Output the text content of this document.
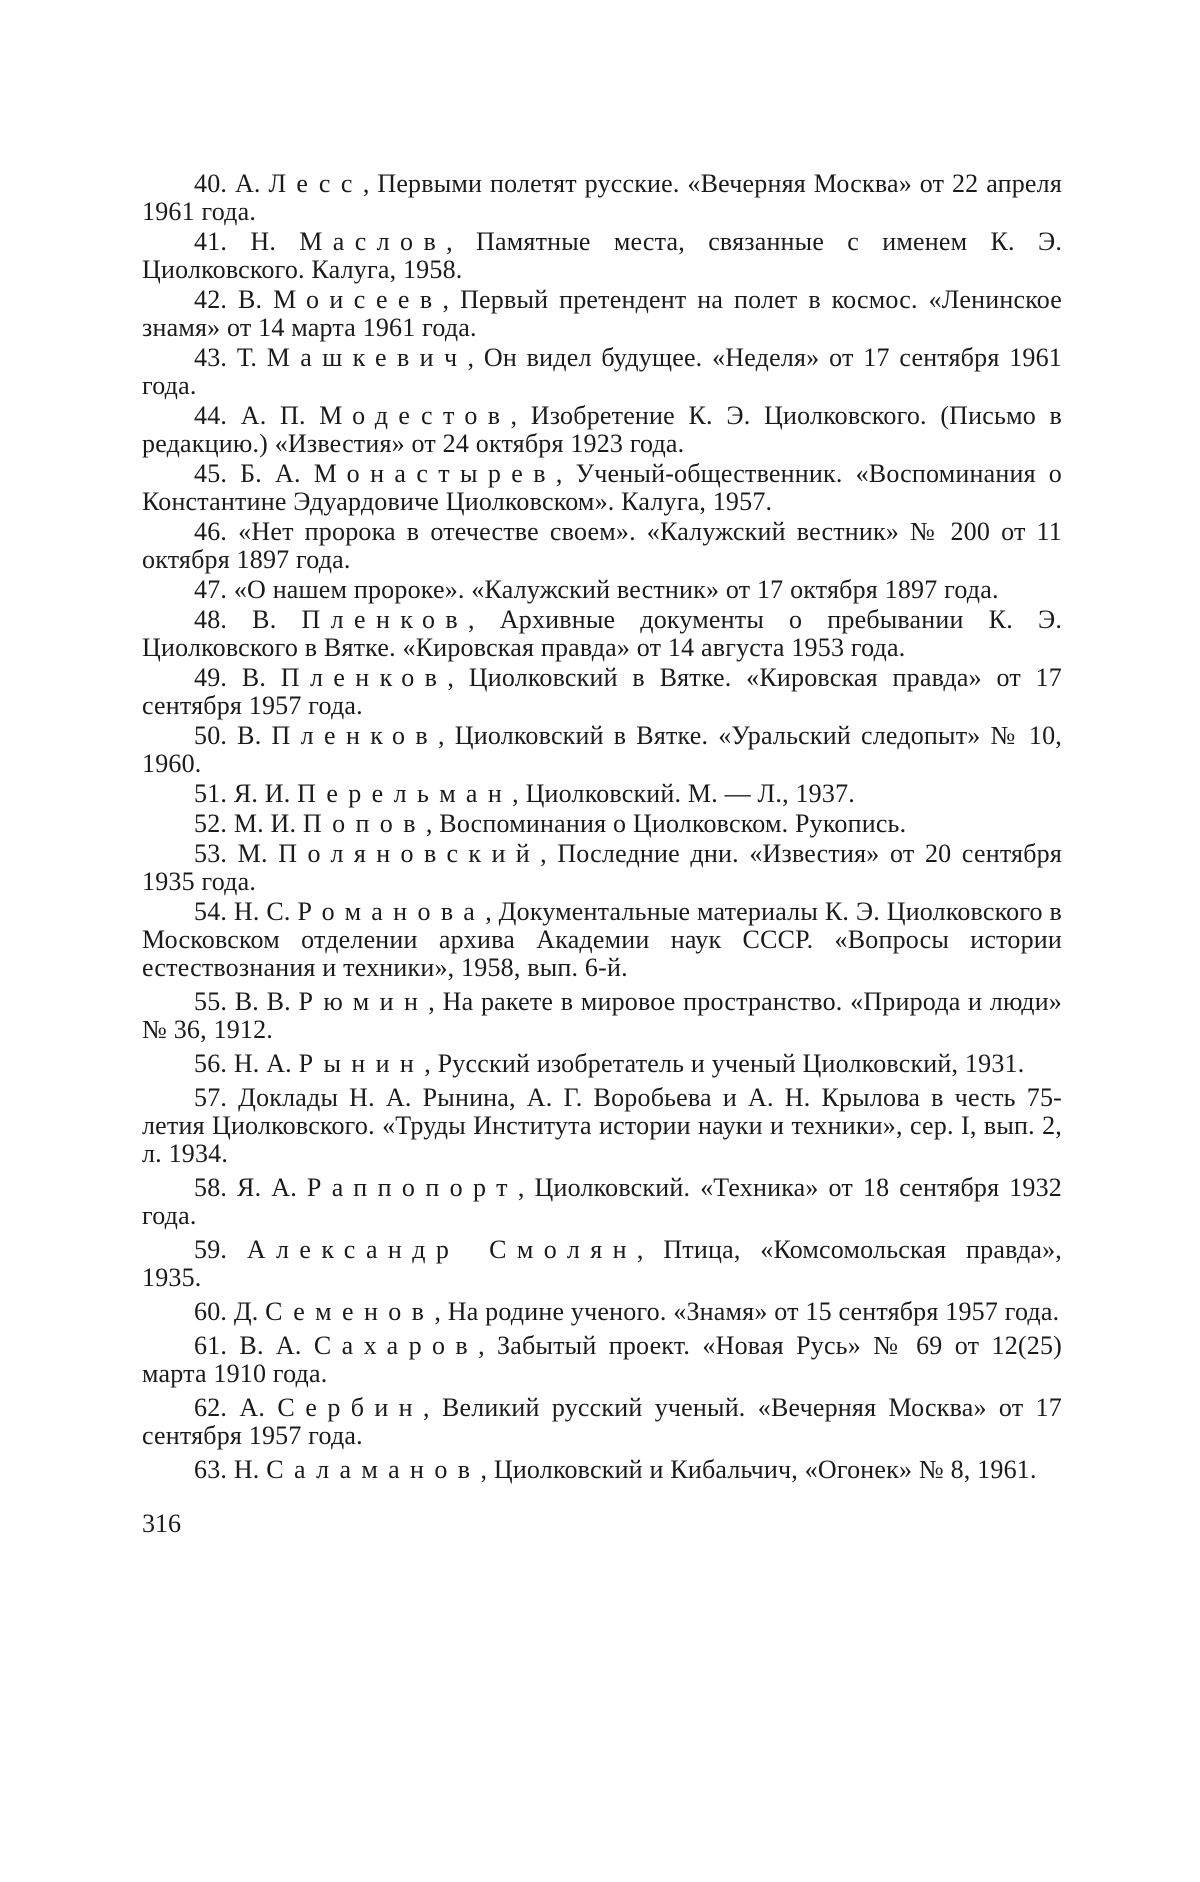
40. А. Лесс, Первыми полетят русские. «Вечерняя Москва» от 22 апреля 1961 года.

41. Н. Маслов, Памятные места, связанные с именем К. Э. Циолковского. Калуга, 1958.

42. В. Моисеев, Первый претендент на полет в космос. «Ленинское знамя» от 14 марта 1961 года.

43. Т. Машкевич, Он видел будущее. «Неделя» от 17 сентября 1961 года.

44. А. П. Модестов, Изобретение К. Э. Циолковского. (Письмо в редакцию.) «Известия» от 24 октября 1923 года.

45. Б. А. Монастырев, Ученый-общественник. «Воспоминания о Константине Эдуардовиче Циолковском». Калуга, 1957.

46. «Нет пророка в отечестве своем». «Калужский вестник» № 200 от 11 октября 1897 года.

47. «О нашем пророке». «Калужский вестник» от 17 октября 1897 года.

48. В. Пленков, Архивные документы о пребывании К. Э. Циолковского в Вятке. «Кировская правда» от 14 августа 1953 года.

49. В. Пленков, Циолковский в Вятке. «Кировская правда» от 17 сентября 1957 года.

50. В. Пленков, Циолковский в Вятке. «Уральский следопыт» № 10, 1960.

51. Я. И. Перельман, Циолковский. М. — Л., 1937.

52. М. И. Попов, Воспоминания о Циолковском. Рукопись.

53. М. Поляновский, Последние дни. «Известия» от 20 сентября 1935 года.

54. Н. С. Романова, Документальные материалы К. Э. Циолковского в Московском отделении архива Академии наук СССР. «Вопросы истории естествознания и техники», 1958, вып. 6-й.

55. В. В. Рюмин, На ракете в мировое пространство. «Природа и люди» № 36, 1912.

56. Н. А. Рынин, Русский изобретатель и ученый Циолковский, 1931.

57. Доклады Н. А. Рынина, А. Г. Воробьева и А. Н. Крылова в честь 75-летия Циолковского. «Труды Института истории науки и техники», сер. I, вып. 2, л. 1934.

58. Я. А. Раппопорт, Циолковский. «Техника» от 18 сентября 1932 года.

59. Александр Смолян, Птица, «Комсомольская правда», 1935.

60. Д. Семенов, На родине ученого. «Знамя» от 15 сентября 1957 года.

61. В. А. Сахаров, Забытый проект. «Новая Русь» № 69 от 12(25) марта 1910 года.

62. А. Сербин, Великий русский ученый. «Вечерняя Москва» от 17 сентября 1957 года.

63. Н. Саламанов, Циолковский и Кибальчич, «Огонек» № 8, 1961.

316
